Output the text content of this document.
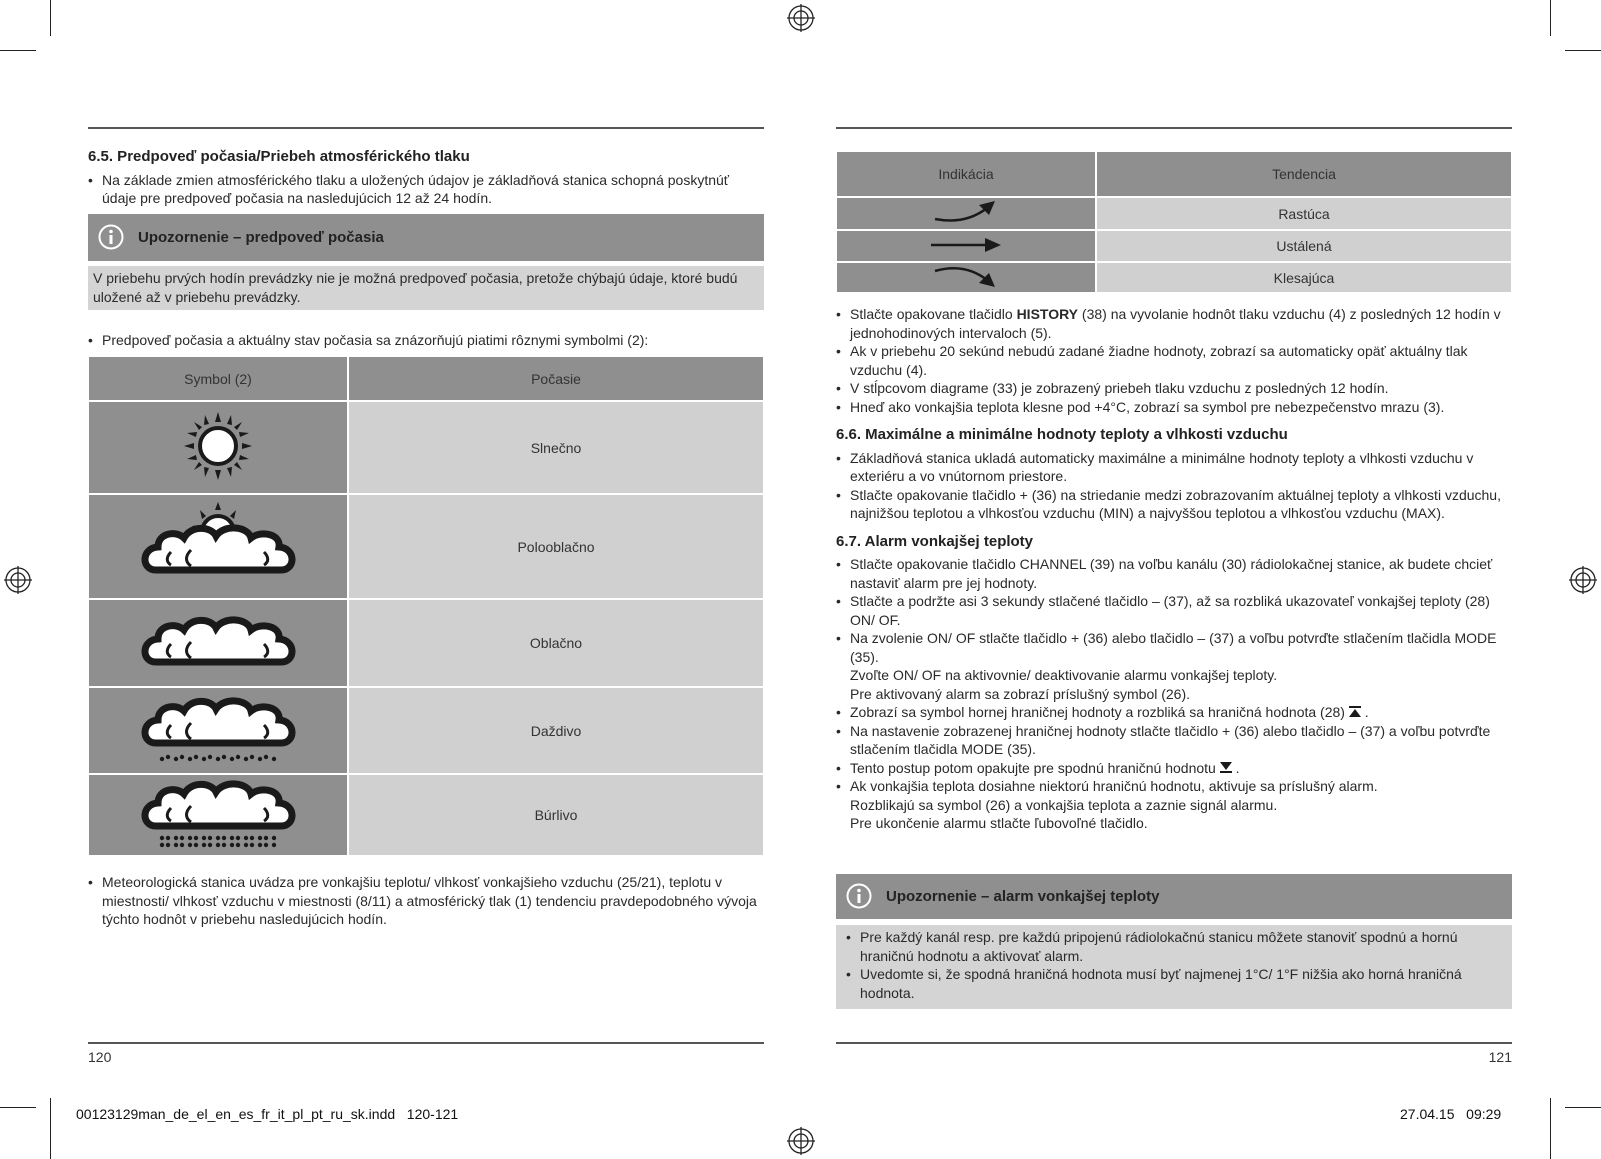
6.5. Predpoveď počasia/Priebeh atmosférického tlaku
• Na základe zmien atmosférického tlaku a uložených údajov je základňová stanica schopná poskytnúť údaje pre predpoveď počasia na nasledujúcich 12 až 24 hodín.
Upozornenie – predpoveď počasia
V priebehu prvých hodín prevádzky nie je možná predpoveď počasia, pretože chýbajú údaje, ktoré budú uložené až v priebehu prevádzky.
• Predpoveď počasia a aktuálny stav počasia sa znázorňujú piatimi rôznymi symbolmi (2):
Symbol (2)	Počasie
	Slnečno
	Polooblačno
	Oblačno
	Daždivo
	Búrlivo
• Meteorologická stanica uvádza pre vonkajšiu teplotu/ vlhkosť vonkajšieho vzduchu (25/21), teplotu v miestnosti/ vlhkosť vzduchu v miestnosti (8/11) a atmosférický tlak (1) tendenciu pravdepodobného vývoja týchto hodnôt v priebehu nasledujúcich hodín.
120
Indikácia	Tendencia
	Rastúca
	Ustálená
	Klesajúca
• Stlačte opakovane tlačidlo HISTORY (38) na vyvolanie hodnôt tlaku vzduchu (4) z posledných 12 hodín v jednohodinových intervaloch (5).
• Ak v priebehu 20 sekúnd nebudú zadané žiadne hodnoty, zobrazí sa automaticky opäť aktuálny tlak vzduchu (4).
• V stĺpcovom diagrame (33) je zobrazený priebeh tlaku vzduchu z posledných 12 hodín.
• Hneď ako vonkajšia teplota klesne pod +4°C, zobrazí sa symbol pre nebezpečenstvo mrazu (3).
6.6. Maximálne a minimálne hodnoty teploty a vlhkosti vzduchu
• Základňová stanica ukladá automaticky maximálne a minimálne hodnoty teploty a vlhkosti vzduchu v exteriéru a vo vnútornom priestore.
• Stlačte opakovanie tlačidlo + (36) na striedanie medzi zobrazovaním aktuálnej teploty a vlhkosti vzduchu, najnižšou teplotou a vlhkosťou vzduchu (MIN) a najvyššou teplotou a vlhkosťou vzduchu (MAX).
6.7. Alarm vonkajšej teploty
• Stlačte opakovanie tlačidlo CHANNEL (39) na voľbu kanálu (30) rádiolokačnej stanice, ak budete chcieť nastaviť alarm pre jej hodnoty.
• Stlačte a podržte asi 3 sekundy stlačené tlačidlo – (37), až sa rozbliká ukazovateľ vonkajšej teploty (28) ON/ OF.
• Na zvolenie ON/ OF stlačte tlačidlo + (36) alebo tlačidlo – (37) a voľbu potvrďte stlačením tlačidla MODE (35).
Zvoľte ON/ OF na aktivovnie/ deaktivovanie alarmu vonkajšej teploty.
Pre aktivovaný alarm sa zobrazí príslušný symbol (26).
• Zobrazí sa symbol hornej hraničnej hodnoty a rozbliká sa hraničná hodnota (28)  .
• Na nastavenie zobrazenej hraničnej hodnoty stlačte tlačidlo + (36) alebo tlačidlo – (37) a voľbu potvrďte stlačením tlačidla MODE (35).
• Tento postup potom opakujte pre spodnú hraničnú hodnotu  .
• Ak vonkajšia teplota dosiahne niektorú hraničnú hodnotu, aktivuje sa príslušný alarm.
Rozblikajú sa symbol (26) a vonkajšia teplota a zaznie signál alarmu.
Pre ukončenie alarmu stlačte ľubovoľné tlačidlo.
Upozornenie – alarm vonkajšej teploty
• Pre každý kanál resp. pre každú pripojenú rádiolokačnú stanicu môžete stanoviť spodnú a hornú hraničnú hodnotu a aktivovať alarm.
• Uvedomte si, že spodná hraničná hodnota musí byť najmenej 1°C/ 1°F nižšia ako horná hraničná hodnota.
121
00123129man_de_el_en_es_fr_it_pl_pt_ru_sk.indd   120-121	27.04.15   09:29
